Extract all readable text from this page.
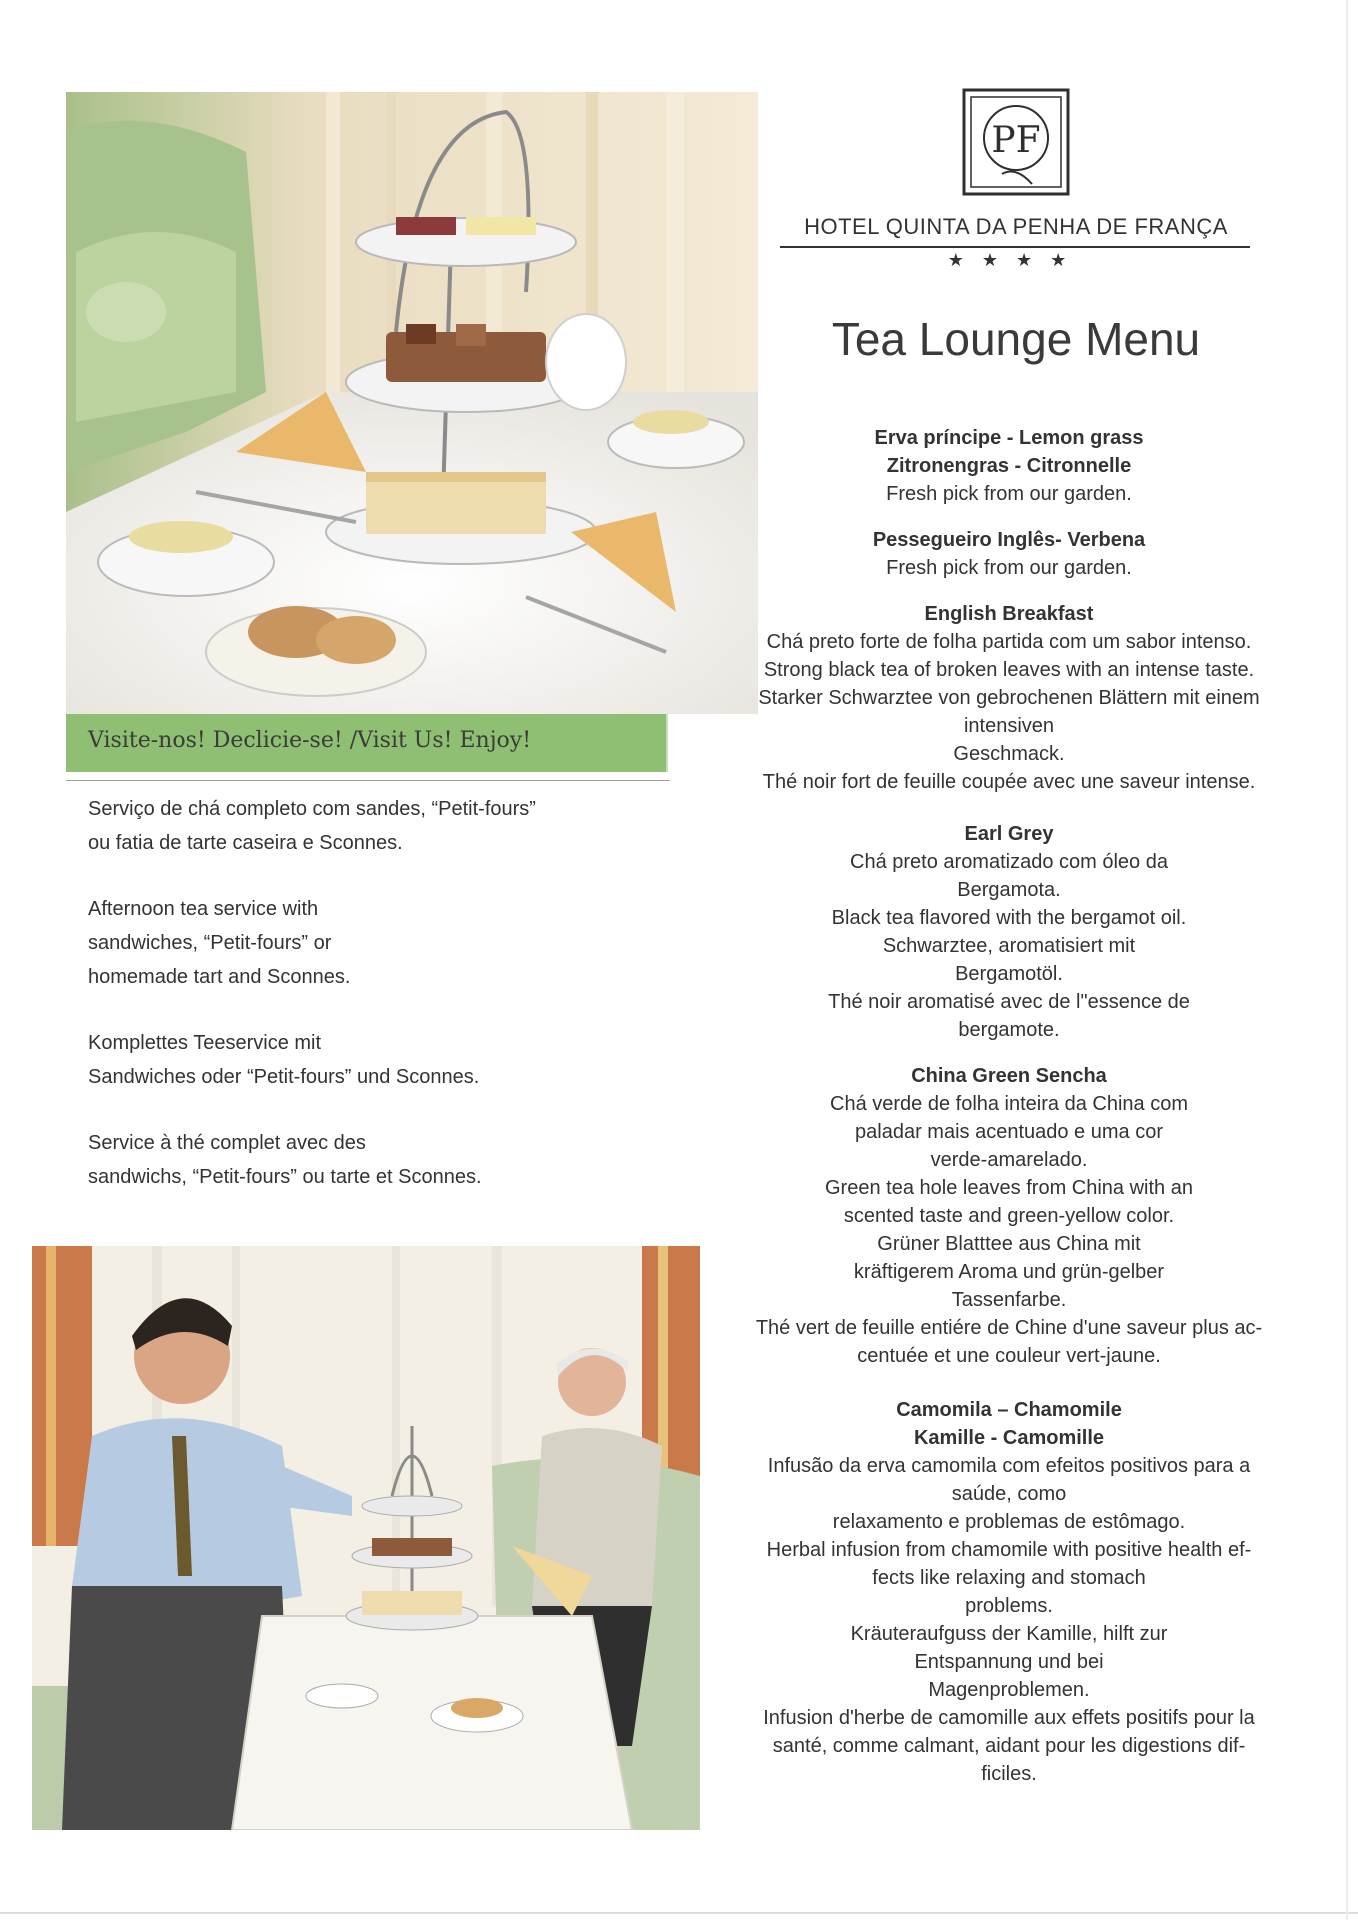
Visite-nos! Declicie-se! /Visit Us! Enjoy!

Serviço de chá completo com sandes, “Petit-fours”
ou fatia de tarte caseira e Sconnes.

Afternoon tea service with
sandwiches, “Petit-fours” or
homemade tart and Sconnes.

Komplettes Teeservice mit
Sandwiches oder “Petit-fours” und Sconnes.

Service à thé complet avec des
sandwichs, “Petit-fours” ou tarte et Sconnes.

PF
HOTEL QUINTA DA PENHA DE FRANÇA
★★★★
Tea Lounge Menu
Erva príncipe - Lemon grass
Zitronengras - Citronnelle
Fresh pick from our garden.
Pessegueiro Inglês- Verbena
Fresh pick from our garden.
English Breakfast
Chá preto forte de folha partida com um sabor intenso.
Strong black tea of broken leaves with an intense taste.
Starker Schwarztee von gebrochenen Blättern mit einem
intensiven
Geschmack.
Thé noir fort de feuille coupée avec une saveur intense.
Earl Grey
Chá preto aromatizado com óleo da
Bergamota.
Black tea flavored with the bergamot oil.
Schwarztee, aromatisiert mit
Bergamotöl.
Thé noir aromatisé avec de l"essence de
bergamote.
China Green Sencha
Chá verde de folha inteira da China com
paladar mais acentuado e uma cor
verde-amarelado.
Green tea hole leaves from China with an
scented taste and green-yellow color.
Grüner Blatttee aus China mit
kräftigerem Aroma und grün-gelber
Tassenfarbe.
Thé vert de feuille entiére de Chine d'une saveur plus ac-
centuée et une couleur vert-jaune.
Camomila – Chamomile
Kamille - Camomille
Infusão da erva camomila com efeitos positivos para a
saúde, como
relaxamento e problemas de estômago.
Herbal infusion from chamomile with positive health ef-
fects like relaxing and stomach
problems.
Kräuteraufguss der Kamille, hilft zur
Entspannung und bei
Magenproblemen.
Infusion d'herbe de camomille aux effets positifs pour la
santé, comme calmant, aidant pour les digestions dif-
ficiles.
